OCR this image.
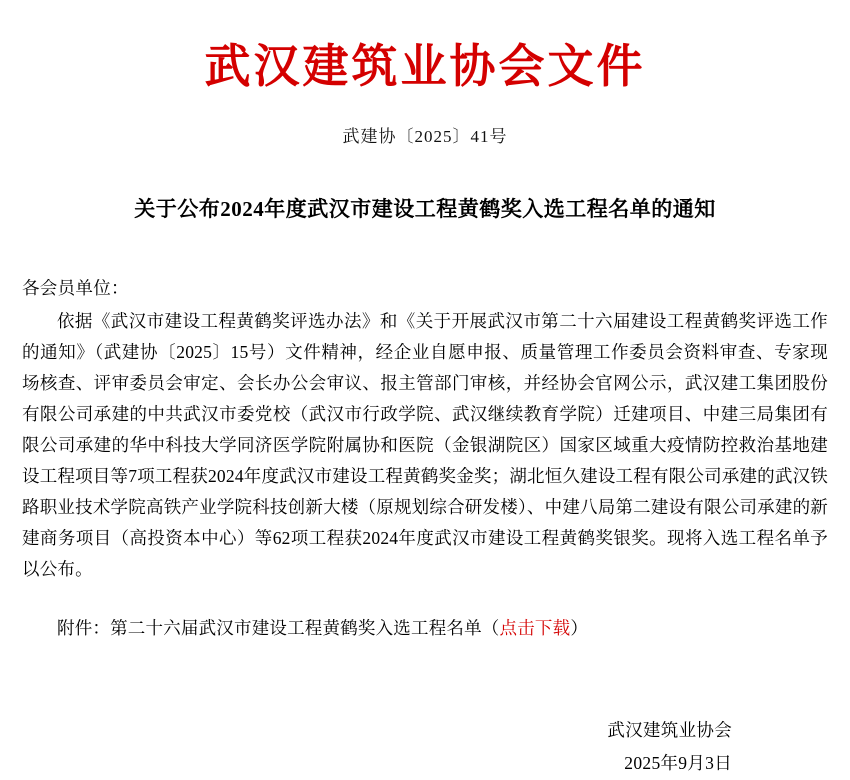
武汉建筑业协会文件
武建协〔2025〕41号
关于公布2024年度武汉市建设工程黄鹤奖入选工程名单的通知
各会员单位：

依据《武汉市建设工程黄鹤奖评选办法》和《关于开展武汉市第二十六届建设工程黄鹤奖评选工作的通知》（武建协〔2025〕15号）文件精神，经企业自愿申报、质量管理工作委员会资料审查、专家现场核查、评审委员会审定、会长办公会审议、报主管部门审核，并经协会官网公示，武汉建工集团股份有限公司承建的中共武汉市委党校（武汉市行政学院、武汉继续教育学院）迁建项目、中建三局集团有限公司承建的华中科技大学同济医学院附属协和医院（金银湖院区）国家区域重大疫情防控救治基地建设工程项目等7项工程获2024年度武汉市建设工程黄鹤奖金奖；湖北恒久建设工程有限公司承建的武汉铁路职业技术学院高铁产业学院科技创新大楼（原规划综合研发楼）、中建八局第二建设有限公司承建的新建商务项目（高投资本中心）等62项工程获2024年度武汉市建设工程黄鹤奖银奖。现将入选工程名单予以公布。

附件：第二十六届武汉市建设工程黄鹤奖入选工程名单（点击下载）
武汉建筑业协会
2025年9月3日
